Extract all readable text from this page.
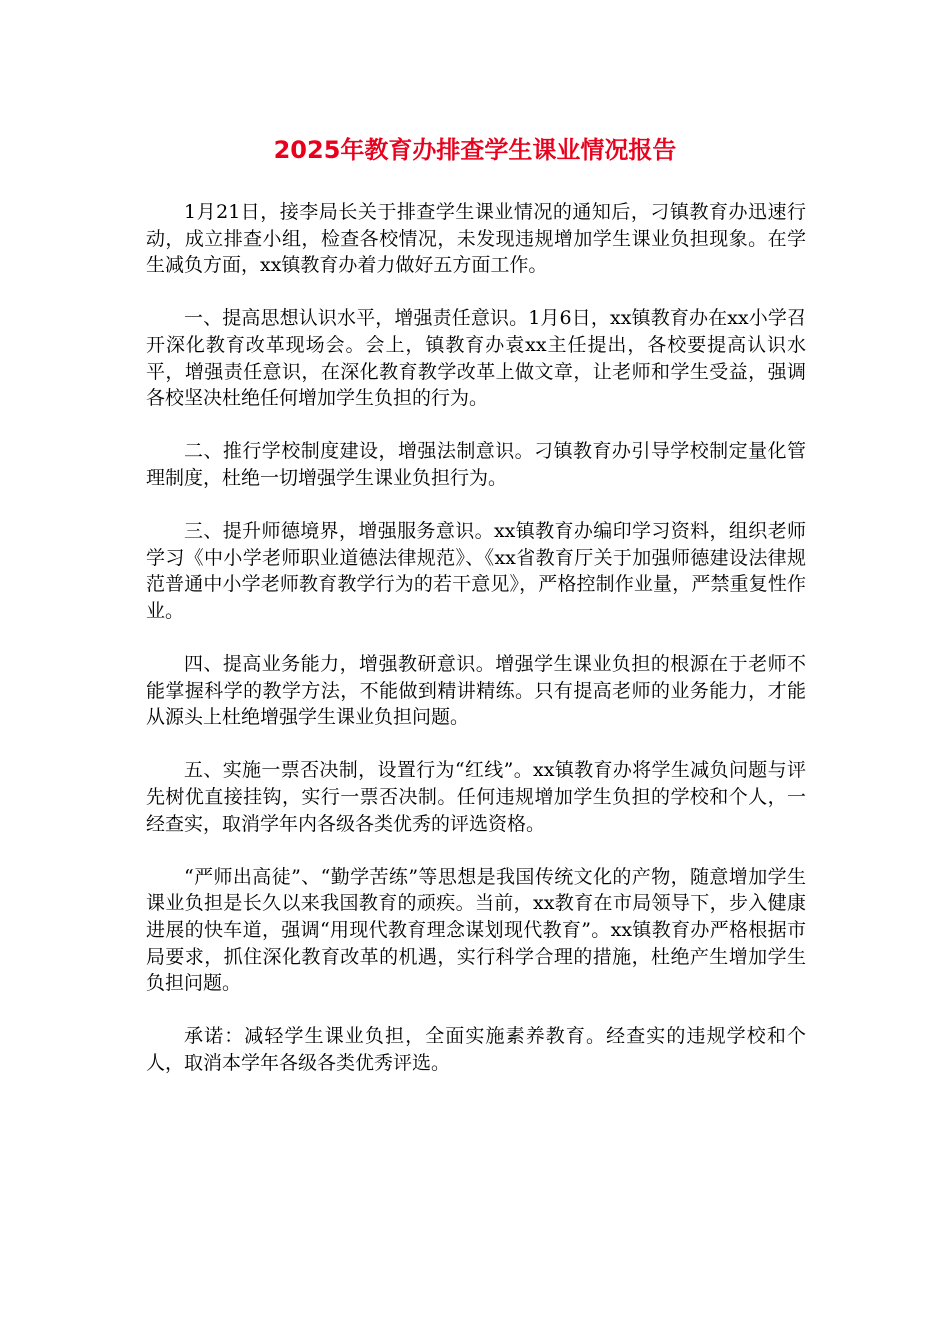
2025年教育办排查学生课业情况报告

1月21日，接李局长关于排查学生课业情况的通知后，刁镇教育办迅速行动，成立排查小组，检查各校情况，未发现违规增加学生课业负担现象。在学生减负方面，xx镇教育办着力做好五方面工作。

一、提高思想认识水平，增强责任意识。1月6日，xx镇教育办在xx小学召开深化教育改革现场会。会上，镇教育办袁xx主任提出，各校要提高认识水平，增强责任意识，在深化教育教学改革上做文章，让老师和学生受益，强调各校坚决杜绝任何增加学生负担的行为。

二、推行学校制度建设，增强法制意识。刁镇教育办引导学校制定量化管理制度，杜绝一切增强学生课业负担行为。

三、提升师德境界，增强服务意识。xx镇教育办编印学习资料，组织老师学习《中小学老师职业道德法律规范》、《xx省教育厅关于加强师德建设法律规范普通中小学老师教育教学行为的若干意见》，严格控制作业量，严禁重复性作业。

四、提高业务能力，增强教研意识。增强学生课业负担的根源在于老师不能掌握科学的教学方法，不能做到精讲精练。只有提高老师的业务能力，才能从源头上杜绝增强学生课业负担问题。

五、实施一票否决制，设置行为“红线”。xx镇教育办将学生减负问题与评先树优直接挂钩，实行一票否决制。任何违规增加学生负担的学校和个人，一经查实，取消学年内各级各类优秀的评选资格。

“严师出高徒”、“勤学苦练”等思想是我国传统文化的产物，随意增加学生课业负担是长久以来我国教育的顽疾。当前，xx教育在市局领导下，步入健康进展的快车道，强调“用现代教育理念谋划现代教育”。xx镇教育办严格根据市局要求，抓住深化教育改革的机遇，实行科学合理的措施，杜绝产生增加学生负担问题。

承诺：减轻学生课业负担，全面实施素养教育。经查实的违规学校和个人，取消本学年各级各类优秀评选。
